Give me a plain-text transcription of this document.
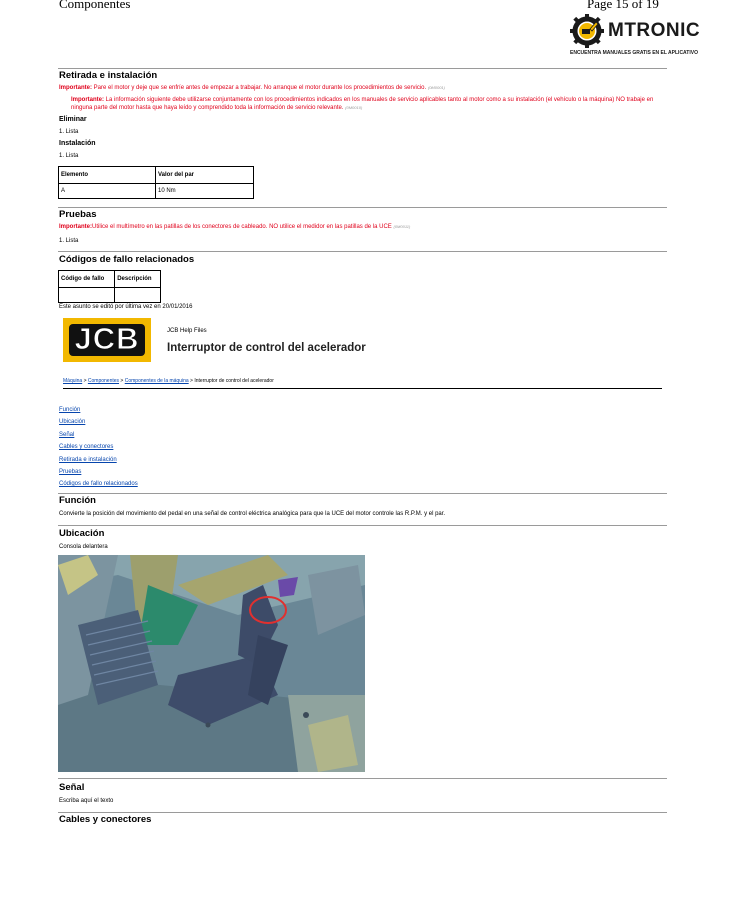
Componentes	Page 15 of 19
MTRONIC
ENCUENTRA MANUALES GRATIS EN EL APLICATIVO
Retirada e instalación
Importante: Pare el motor y deje que se enfríe antes de empezar a trabajar. No arranque el motor durante los procedimientos de servicio. (0M0001)
Importante: La información siguiente debe utilizarse conjuntamente con los procedimientos indicados en los manuales de servicio aplicables tanto al motor como a su instalación (el vehículo o la máquina) NO trabaje en ninguna parte del motor hasta que haya leído y comprendido toda la información de servicio relevante. (0M0010)
Eliminar
1. Lista
Instalación
1. Lista
Elemento	Valor del par
A	10 Nm
Pruebas
Importante:Utilice el multímetro en las patillas de los conectores de cableado. NO utilice el medidor en las patillas de la UCE (0M0011)
1. Lista
Códigos de fallo relacionados
Código de fallo	Descripción

Este asunto se editó por última vez en 20/01/2016
JCB	JCB Help Files
Interruptor de control del acelerador
Máquina > Componentes > Componentes de la máquina > Interruptor de control del acelerador
Función
Ubicación
Señal
Cables y conectores
Retirada e instalación
Pruebas
Códigos de fallo relacionados
Función
Convierte la posición del movimiento del pedal en una señal de control eléctrica analógica para que la UCE del motor controle las R.P.M. y el par.
Ubicación
Consola delantera
Señal
Escriba aquí el texto
Cables y conectores
